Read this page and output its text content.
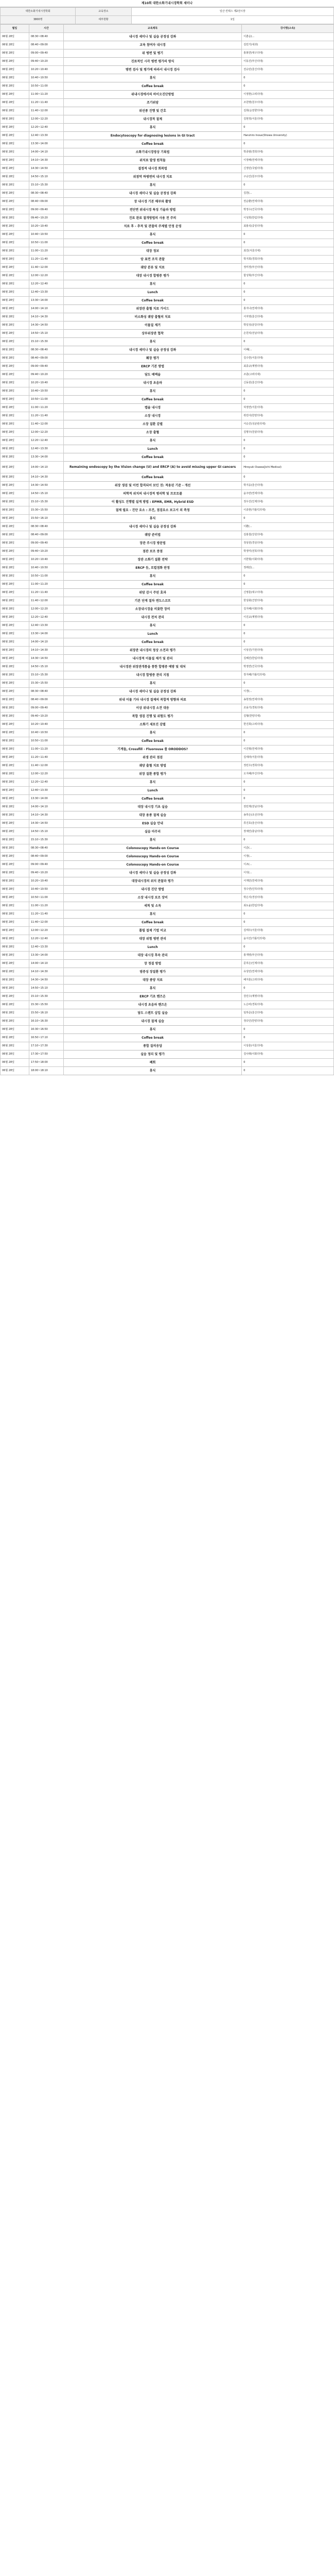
제10회 대한소화기내시경학회 세미나
대한소화기내시경학회	교육장소	일산 킨텍스 제2전시장
3800명	세부현황	1일
월일	시간	교육제목	강사명(소속)
06월 28일	08:30~08:40	내시경 세미나 및 실습 공정성 강좌	이춘순(...
06월 28일	08:40~09:00	교육 참여자 내시경	김민기(내과)
06월 28일	09:00~09:40	위 병변 및 병기	홍봉연(대구의대)
06월 28일	09:40~10:20	진료적인 시각 병변 평가의 방식	이동진(부산의대)
06월 28일	10:20~10:40	병변 검사 및 평가에 따라서 내시경 검사	전승민(울산의대)
06월 28일	10:40~10:50	휴식	0
06월 28일	10:50~11:00	Coffee break	0
06월 28일	11:00~11:20	위내시경에서의 바이오진단방법	이정현(고려의대)
06월 28일	11:20~11:40	조기위암	조원명(원주의대)
06월 28일	11:40~12:00	위선종 진행 및 간호	김희(순천향의대)
06월 28일	12:00~12:20	내시경적 절제	김현정(서울의대)
06월 28일	12:20~12:40	휴식	0
06월 28일	12:40~13:30	Endocytoscopy for diagnosing lesions in GI tract	Haruhiro Inoue(Showa University)
06월 28일	13:30~14:00	Coffee break	0
06월 28일	14:00~14:10	소화기내시경영상 기록법	박종범(경희의대)
06월 28일	14:10~14:30	위치료 발생 원칙들	이정해(연세의대)
06월 28일	14:30~14:50	결정적 내시경 회복법	신정민(국립의대)
06월 28일	14:50~15:10	위점막 하병변의 내시경 치료	구승인(원주의대)
06월 28일	15:10~15:30	휴식	0
06월 28일	08:30~08:40	내시경 세미나 및 실습 공정성 강좌	김원(...
06월 28일	08:40~09:00	장 내시경 기본 해부와 촬영	권순환(연세의대)
06월 28일	09:00~09:40	전단면 위내시경 특징 기술과 방법	박정수(건국의대)
06월 28일	09:40~10:20	진료 완료 절개방법의 사용 전 주의	이성희(한림의대)
06월 28일	10:20~10:40	치료 후 - 추적 및 관찰의 주제별 안정 운영	최홍석(중앙의대)
06월 28일	10:40~10:50	휴식	0
06월 28일	10:50~11:00	Coffee break	0
06월 28일	11:00~11:20	대장 정보	최진(서울의대)
06월 28일	11:20~11:40	암 표면 조직 관찰	박지희(경희의대)
06월 28일	11:40~12:00	궤양 분류 및 치료	정미경(부산의대)
06월 28일	12:00~12:20	대장 내시경 합병증 평가	함성혁(부산의대)
06월 28일	12:20~12:40	휴식	0
06월 28일	12:40~13:30	Lunch	0
06월 28일	13:30~14:00	Coffee break	0
06월 28일	14:00~14:10	위장관 출혈 치료 가이드	홍지나(연세의대)
06월 28일	14:10~14:30	비소화성 궤양 출혈의 치료	서자영(울산의대)
06월 28일	14:30~14:50	이물질 제거	박일성(분당의대)
06월 28일	14:50~15:10	상부위장관 협착	손원석(전남의대)
06월 28일	15:10~15:30	휴식	0
06월 28일	08:30~08:40	내시경 세미나 및 실습 공정성 강좌	이혜(...
06월 28일	08:40~09:00	췌장 평가	김수헌(서울의대)
06월 28일	09:00~09:40	ERCP 기본 방법	최종규(계명의대)
06월 28일	09:40~10:20	담도 배액술	조훈(고려의대)
06월 28일	10:20~10:40	내시경 초음파	신동원(울산의대)
06월 28일	10:40~10:50	휴식	0
06월 28일	10:50~11:00	Coffee break	0
06월 28일	11:00~11:20	캡슐 내시경	허정연(서울의대)
06월 28일	11:20~11:40	소장 내시경	곽민아(한양의대)
06월 28일	11:40~12:00	소장 질환 감별	서승진(성균관의대)
06월 28일	12:00~12:20	소장 출혈	김명주(원광의대)
06월 28일	12:20~12:40	휴식	0
06월 28일	12:40~13:30	Lunch	0
06월 28일	13:30~14:00	Coffee break	0
06월 28일	14:00~14:10	Remaining endoscopy by the Vision change (U) and ERCP (A) to avoid missing upper GI cancers	Hiroyuki Osawa(Jichi Medical)
06월 28일	14:10~14:30	Coffee break	0
06월 28일	14:30~14:50	위장 생검 및 이런 합격되어 보인 것: 적용된 기준 - 개선	박지웅(울산의대)
06월 28일	14:50~15:10	의학적 위치의 내시경적 병리학 및 프로토콜	윤주란(연세의대)
06월 28일	15:10~15:30	이 활성도 진행별 설계 방법 : EPMR, EMR, Hybrid ESD	정우진(인제의대)
06월 28일	15:30~15:50	절제 필요 - 진단 요소 : 조건, 점검요소 보고서 외 측정	이종현(가톨릭의대)
06월 28일	15:50~16:10	휴식	0
06월 28일	08:30~08:40	내시경 세미나 및 실습 공정성 강좌	이환(...
06월 28일	08:40~09:00	궤양 준비법	김홍철(강원의대)
06월 28일	09:00~09:40	장관 주시경 방문법	정상원(경상의대)
06월 28일	09:40~10:20	점관 보조 중점	박정미(전북의대)
06월 28일	10:20~10:40	장관 소화기 질환 전략	서한형(이화의대)
06월 28일	10:40~10:50	ERCP 등, 로컬점화 판정	정래선(...
06월 28일	10:50~11:00	휴식	0
06월 28일	11:00~11:20	Coffee break	0
06월 28일	11:20~11:40	위암 감시 주된 효과	신영훈(대구의대)
06월 28일	11:40~12:00	기본 단계 절차 엔도스코프	한상화(건양의대)
06월 28일	12:00~12:20	소장내시경을 비롯한 장비	김지혜(이화의대)
06월 28일	12:20~12:40	내시경 전처 관리	이진교(계명의대)
06월 28일	12:40~13:30	휴식	0
06월 28일	13:30~14:00	Lunch	0
06월 28일	14:00~14:10	Coffee break	0
06월 28일	14:10~14:30	위장관 내시경의 정상 소견과 평가	이상진(가천의대)
06월 28일	14:30~14:50	내시경적 이물질 제거 및 관리	김혜진(한림의대)
06월 28일	14:50~15:10	내시경관 위장관개통을 통한 합병증 예방 및 대처	박정연(건국의대)
06월 28일	15:10~15:30	내시경 합병증 관리 지침	장지혜(가톨릭의대)
06월 28일	15:30~15:50	휴식	0
06월 28일	08:30~08:40	내시경 세미나 및 실습 공정성 강좌	이경(...
06월 28일	08:40~09:00	위내 이물 기타 내시경 절제의 복합적 방향과 의료	송현정(연세의대)
06월 28일	09:00~09:40	이상 위내시경 소견 대응	조용기(경북의대)
06월 28일	09:40~10:20	복합 생검 진행 및 위험도 평가	김형(한양의대)
06월 28일	10:20~10:40	소화기 세포진 감별	한진희(고려의대)
06월 28일	10:40~10:50	휴식	0
06월 28일	10:50~11:00	Coffee break	0
06월 28일	11:00~11:20	기계들, Crossfill - Fluorouse 를 ORODDOS?	이진형(연세의대)
06월 28일	11:20~11:40	위생 관리 점검	김세라(서울의대)
06월 28일	11:40~12:00	궤양 출혈 치료 방법	정민우(경희의대)
06월 28일	12:00~12:20	위장 질환 종합 평가	오지혜(부산의대)
06월 28일	12:20~12:40	휴식	0
06월 28일	12:40~13:30	Lunch	0
06월 28일	13:30~14:00	Coffee break	0
06월 28일	14:00~14:10	대장 내시경 기초 실습	권민재(전남의대)
06월 28일	14:10~14:30	대장 용종 절제 실습	송하은(조선의대)
06월 28일	14:30~14:50	ESD 실습 안내	류진호(울산의대)
06월 28일	14:50~15:10	실습 마무리	장예린(충남의대)
06월 28일	15:10~15:30	휴식	0
06월 28일	08:30~08:40	Colonoscopy Hands-on Course	이준(...
06월 28일	08:40~09:00	Colonoscopy Hands-on Course	이정(...
06월 28일	09:00~09:40	Colonoscopy Hands-on Course	이조(...
06월 28일	09:40~10:20	내시경 세미나 및 실습 공정성 강좌	이석(...
06월 28일	10:20~10:40	대장내시경의 위치 관찰과 평가	서재민(연세의대)
06월 28일	10:40~10:50	내시경 진단 방법	정수연(인하의대)
06월 28일	10:50~11:00	소장 내시경 보조 장비	박은지(경상의대)
06월 28일	11:00~11:20	세척 및 소독	최도윤(한림의대)
06월 28일	11:20~11:40	휴식	0
06월 28일	11:40~12:00	Coffee break	0
06월 28일	12:00~12:20	폴립 절제 기법 비교	김태우(서울의대)
06월 28일	12:20~12:40	대장 위험 병변 관리	윤서진(가톨릭의대)
06월 28일	12:40~13:30	Lunch	0
06월 28일	13:30~14:00	대장 내시경 후속 관리	홍재영(부산의대)
06월 28일	14:00~14:10	장 정결 방법	문하은(인제의대)
06월 28일	14:10~14:30	염증성 장질환 평가	유상민(연세의대)
06월 28일	14:30~14:50	대장 종양 치료	배지훈(고려의대)
06월 28일	14:50~15:10	휴식	0
06월 28일	15:10~15:30	ERCP 기초 핸즈온	강민수(계명의대)
06월 28일	15:30~15:50	내시경 초음파 핸즈온	노은비(경북의대)
06월 28일	15:50~16:10	담도 스텐트 삽입 실습	임하준(울산의대)
06월 28일	16:10~16:30	내시경 절제 실습	정다인(한양의대)
06월 28일	16:30~16:50	휴식	0
06월 28일	16:50~17:10	Coffee break	0
06월 28일	17:10~17:30	종합 질의응답	이상훈(서울의대)
06월 28일	17:30~17:50	실습 정리 및 평가	김나래(이화의대)
06월 28일	17:50~18:00	폐회	0
06월 28일	18:00~18:10	휴식	0
